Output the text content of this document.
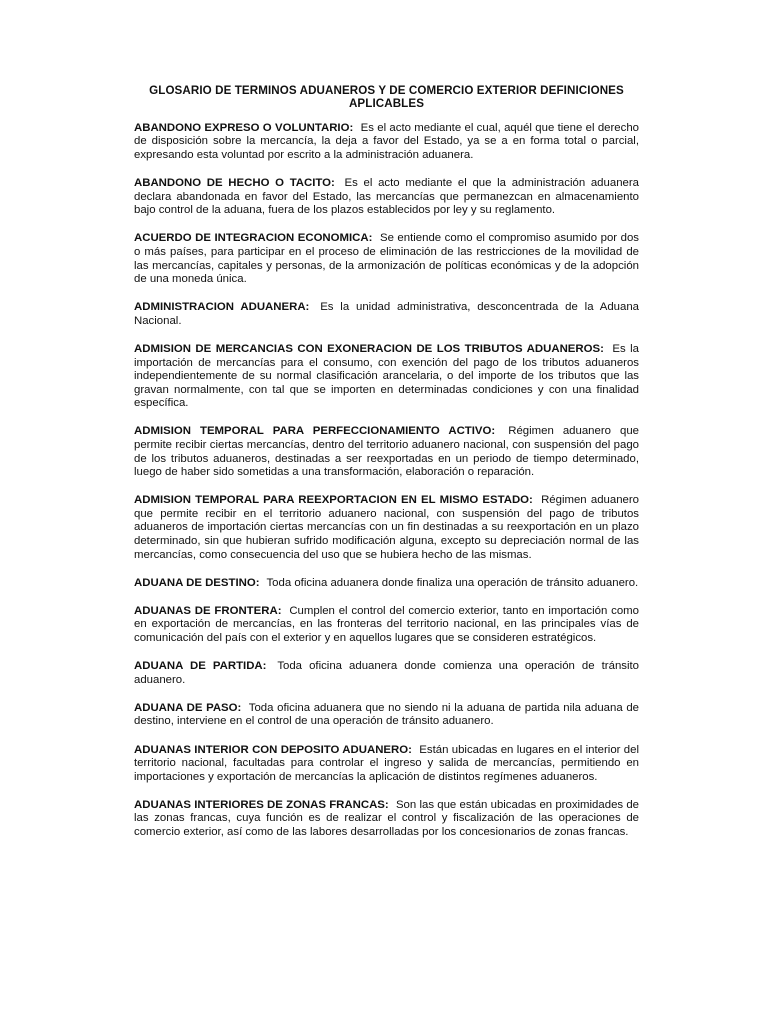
GLOSARIO DE TERMINOS ADUANEROS Y DE COMERCIO EXTERIOR DEFINICIONES APLICABLES

ABANDONO EXPRESO O VOLUNTARIO: Es el acto mediante el cual, aquél que tiene el derecho de disposición sobre la mercancía, la deja a favor del Estado, ya se a en forma total o parcial, expresando esta voluntad por escrito a la administración aduanera.

ABANDONO DE HECHO O TACITO: Es el acto mediante el que la administración aduanera declara abandonada en favor del Estado, las mercancías que permanezcan en almacenamiento bajo control de la aduana, fuera de los plazos establecidos por ley y su reglamento.

ACUERDO DE INTEGRACION ECONOMICA: Se entiende como el compromiso asumido por dos o más países, para participar en el proceso de eliminación de las restricciones de la movilidad de las mercancías, capitales y personas, de la armonización de políticas económicas y de la adopción de una moneda única.

ADMINISTRACION ADUANERA: Es la unidad administrativa, desconcentrada de la Aduana Nacional.

ADMISION DE MERCANCIAS CON EXONERACION DE LOS TRIBUTOS ADUANEROS: Es la importación de mercancías para el consumo, con exención del pago de los tributos aduaneros independientemente de su normal clasificación arancelaria, o del importe de los tributos que las gravan normalmente, con tal que se importen en determinadas condiciones y con una finalidad específica.

ADMISION TEMPORAL PARA PERFECCIONAMIENTO ACTIVO: Régimen aduanero que permite recibir ciertas mercancías, dentro del territorio aduanero nacional, con suspensión del pago de los tributos aduaneros, destinadas a ser reexportadas en un periodo de tiempo determinado, luego de haber sido sometidas a una transformación, elaboración o reparación.

ADMISION TEMPORAL PARA REEXPORTACION EN EL MISMO ESTADO: Régimen aduanero que permite recibir en el territorio aduanero nacional, con suspensión del pago de tributos aduaneros de importación ciertas mercancías con un fin destinadas a su reexportación en un plazo determinado, sin que hubieran sufrido modificación alguna, excepto su depreciación normal de las mercancías, como consecuencia del uso que se hubiera hecho de las mismas.

ADUANA DE DESTINO: Toda oficina aduanera donde finaliza una operación de tránsito aduanero.

ADUANAS DE FRONTERA: Cumplen el control del comercio exterior, tanto en importación como en exportación de mercancías, en las fronteras del territorio nacional, en las principales vías de comunicación del país con el exterior y en aquellos lugares que se consideren estratégicos.

ADUANA DE PARTIDA: Toda oficina aduanera donde comienza una operación de tránsito aduanero.

ADUANA DE PASO: Toda oficina aduanera que no siendo ni la aduana de partida nila aduana de destino, interviene en el control de una operación de tránsito aduanero.

ADUANAS INTERIOR CON DEPOSITO ADUANERO: Están ubicadas en lugares en el interior del territorio nacional, facultadas para controlar el ingreso y salida de mercancías, permitiendo en importaciones y exportación de mercancías la aplicación de distintos regímenes aduaneros.

ADUANAS INTERIORES DE ZONAS FRANCAS: Son las que están ubicadas en proximidades de las zonas francas, cuya función es de realizar el control y fiscalización de las operaciones de comercio exterior, así como de las labores desarrolladas por los concesionarios de zonas francas.
